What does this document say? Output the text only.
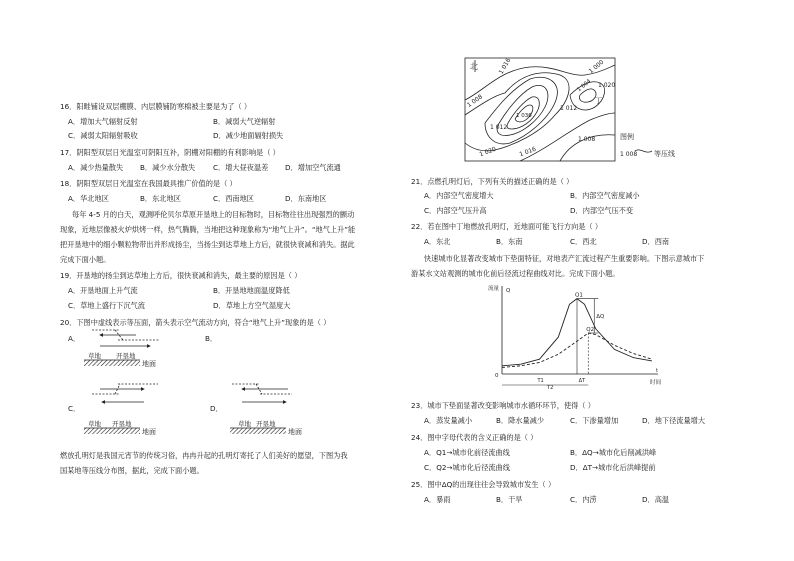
16．阳畦铺设双层棚膜、内层膜铺防寒棉被主要是为了（ ）
A．增加大气辐射反射	B．减弱大气逆辐射
C．减弱太阳辐射吸收	D．减少地面辐射损失
17．阴阳型双层日光温室可阴阳互补，阴棚对阳棚的有利影响是（ ）
A．减少热量散失 B．减少水分散失 C．增大昼夜温差 D．增加空气流通
18．阴阳型双层日光温室在我国最具推广价值的是（ ）
A．华北地区	B．东北地区	C．西南地区	D．东南地区
每年 4-5 月的白天，观测呼伦贝尔草原开垦地上的目标物时，目标物往往出现强烈的颤动
现象，近地层像被火炉烘烤一样，热气腾腾，当地把这种现象称为“地气上升”。“地气上升”能
把开垦地中的细小颗粒物带出并形成扬尘，当扬尘到达草地上方后，就很快衰减和消失。据此
完成下面小题。
19．开垦地的扬尘到达草地上方后，很快衰减和消失，最主要的原因是（ ）
A．开垦地面上升气流	B．开垦地地面温度降低
C．草地上盛行下沉气流	D．草地上方空气湿度大
20．下图中虚线表示等压面，箭头表示空气流动方向，符合“地气上升”现象的是（ ）
A．
草地 开垦地
地面
B．
C．
草地 开垦地
地面
D．
草地 开垦地
地面
燃放孔明灯是我国元宵节的传统习俗，冉冉升起的孔明灯寄托了人们美好的愿望，下图为我
国某地等压线分布图，据此，完成下面小题。
北	1 016
1 008
1 012
1 036
1 020	1 016
1 012
1 020
1 008
1 004
1 000
丁
图例
1 008 等压线
21．点燃孔明灯后，下列有关的描述正确的是（ ）
A．内部空气密度增大	B．内部空气密度减小
C．内部空气压升高	D．内部空气压不变
22．若在图中丁地燃放孔明灯，近地面可能飞行方向是（ ）
A．东北	B．东南	C．西北	D．西南
快速城市化显著改变城市下垫面特征，对地表产汇流过程产生重要影响。下图示意城市下
游某水文站观测的城市化前后径流过程曲线对比。完成下面小题。
流量
时间
0
Q
Q1
Q2
ΔQ
T1
T2
ΔT
t
23．城市下垫面显著改变影响城市水循环环节，使得（ ）
A．蒸发量减小	B．降水量减少	C．下渗量增加	D．地下径流量增大
24．图中字母代表的含义正确的是（ ）
A．Q1→城市化前径流曲线	B．ΔQ→城市化后削减洪峰
C．Q2→城市化后径流曲线	D．ΔT→城市化后洪峰提前
25．图中ΔQ的出现往往会导致城市发生（ ）
A．暴雨	B．干旱	C．内涝	D．高温
